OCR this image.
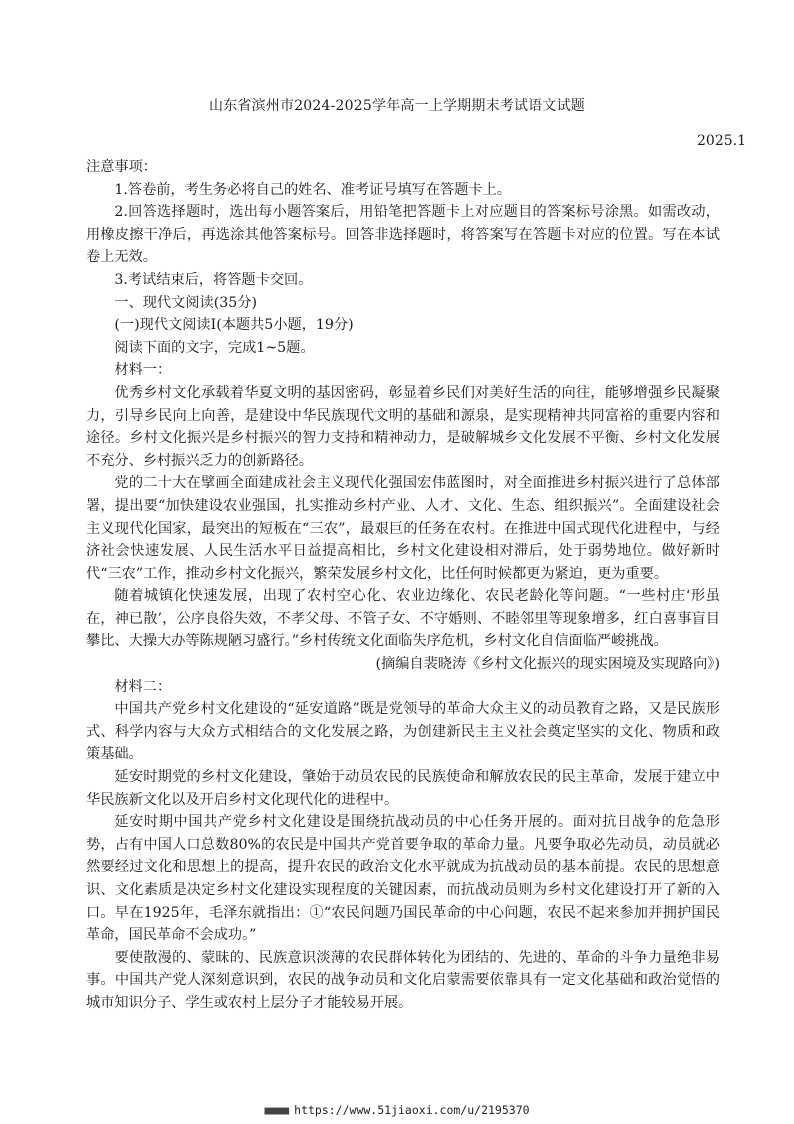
山东省滨州市2024-2025学年高一上学期期末考试语文试题
2025.1

注意事项：

1.答卷前，考生务必将自己的姓名、准考证号填写在答题卡上。

2.回答选择题时，选出每小题答案后，用铅笔把答题卡上对应题目的答案标号涂黑。如需改动，用橡皮擦干净后，再选涂其他答案标号。回答非选择题时，将答案写在答题卡对应的位置。写在本试卷上无效。

3.考试结束后，将答题卡交回。

一、现代文阅读(35分)

(一)现代文阅读Ⅰ(本题共5小题，19分)

阅读下面的文字，完成1~5题。

材料一：

优秀乡村文化承载着华夏文明的基因密码，彰显着乡民们对美好生活的向往，能够增强乡民凝聚力，引导乡民向上向善，是建设中华民族现代文明的基础和源泉，是实现精神共同富裕的重要内容和途径。乡村文化振兴是乡村振兴的智力支持和精神动力，是破解城乡文化发展不平衡、乡村文化发展不充分、乡村振兴乏力的创新路径。

党的二十大在擘画全面建成社会主义现代化强国宏伟蓝图时，对全面推进乡村振兴进行了总体部署，提出要“加快建设农业强国，扎实推动乡村产业、人才、文化、生态、组织振兴”。全面建设社会主义现代化国家，最突出的短板在“三农”，最艰巨的任务在农村。在推进中国式现代化进程中，与经济社会快速发展、人民生活水平日益提高相比，乡村文化建设相对滞后，处于弱势地位。做好新时代“三农”工作，推动乡村文化振兴，繁荣发展乡村文化，比任何时候都更为紧迫，更为重要。

随着城镇化快速发展，出现了农村空心化、农业边缘化、农民老龄化等问题。“一些村庄‘形虽在，神已散’，公序良俗失效，不孝父母、不管子女、不守婚则、不睦邻里等现象增多，红白喜事盲目攀比、大操大办等陈规陋习盛行。”乡村传统文化面临失序危机，乡村文化自信面临严峻挑战。

(摘编自裴晓涛《乡村文化振兴的现实困境及实现路向》)

材料二：

中国共产党乡村文化建设的“延安道路”既是党领导的革命大众主义的动员教育之路，又是民族形式、科学内容与大众方式相结合的文化发展之路，为创建新民主主义社会奠定坚实的文化、物质和政策基础。

延安时期党的乡村文化建设，肇始于动员农民的民族使命和解放农民的民主革命，发展于建立中华民族新文化以及开启乡村文化现代化的进程中。

延安时期中国共产党乡村文化建设是围绕抗战动员的中心任务开展的。面对抗日战争的危急形势，占有中国人口总数80%的农民是中国共产党首要争取的革命力量。凡要争取必先动员，动员就必然要经过文化和思想上的提高，提升农民的政治文化水平就成为抗战动员的基本前提。农民的思想意识、文化素质是决定乡村文化建设实现程度的关键因素，而抗战动员则为乡村文化建设打开了新的入口。早在1925年，毛泽东就指出：①“农民问题乃国民革命的中心问题，农民不起来参加并拥护国民革命，国民革命不会成功。”

要使散漫的、蒙昧的、民族意识淡薄的农民群体转化为团结的、先进的、革命的斗争力量绝非易事。中国共产党人深刻意识到，农民的战争动员和文化启蒙需要依靠具有一定文化基础和政治觉悟的城市知识分子、学生或农村上层分子才能较易开展。

■■■■ https://www.51jiaoxi.com/u/2195370
